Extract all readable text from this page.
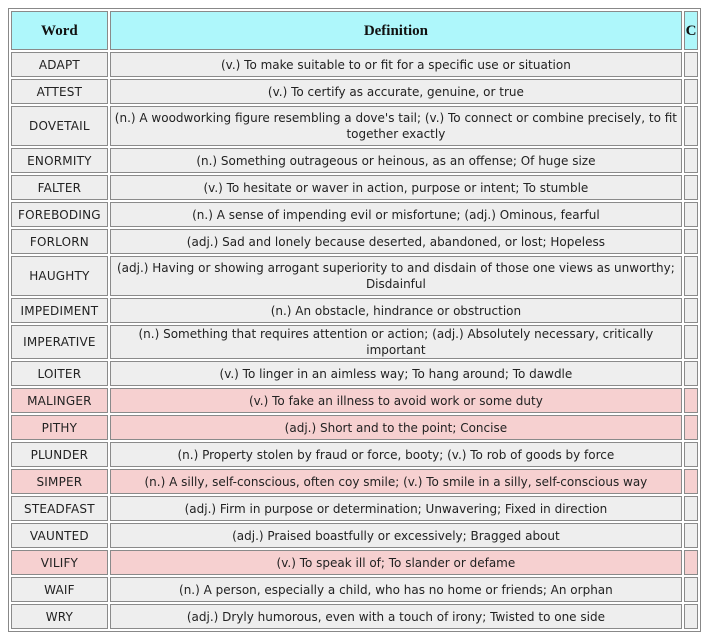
Word	Definition	C
ADAPT	(v.) To make suitable to or fit for a specific use or situation	
ATTEST	(v.) To certify as accurate, genuine, or true	
DOVETAIL	(n.) A woodworking figure resembling a dove's tail; (v.) To connect or combine precisely, to fit together exactly	
ENORMITY	(n.) Something outrageous or heinous, as an offense; Of huge size	
FALTER	(v.) To hesitate or waver in action, purpose or intent; To stumble	
FOREBODING	(n.) A sense of impending evil or misfortune; (adj.) Ominous, fearful	
FORLORN	(adj.) Sad and lonely because deserted, abandoned, or lost; Hopeless	
HAUGHTY	(adj.) Having or showing arrogant superiority to and disdain of those one views as unworthy; Disdainful	
IMPEDIMENT	(n.) An obstacle, hindrance or obstruction	
IMPERATIVE	(n.) Something that requires attention or action; (adj.) Absolutely necessary, critically important	
LOITER	(v.) To linger in an aimless way; To hang around; To dawdle	
MALINGER	(v.) To fake an illness to avoid work or some duty	
PITHY	(adj.) Short and to the point; Concise	
PLUNDER	(n.) Property stolen by fraud or force, booty; (v.) To rob of goods by force	
SIMPER	(n.) A silly, self-conscious, often coy smile; (v.) To smile in a silly, self-conscious way	
STEADFAST	(adj.) Firm in purpose or determination; Unwavering; Fixed in direction	
VAUNTED	(adj.) Praised boastfully or excessively; Bragged about	
VILIFY	(v.) To speak ill of; To slander or defame	
WAIF	(n.) A person, especially a child, who has no home or friends; An orphan	
WRY	(adj.) Dryly humorous, even with a touch of irony; Twisted to one side	
